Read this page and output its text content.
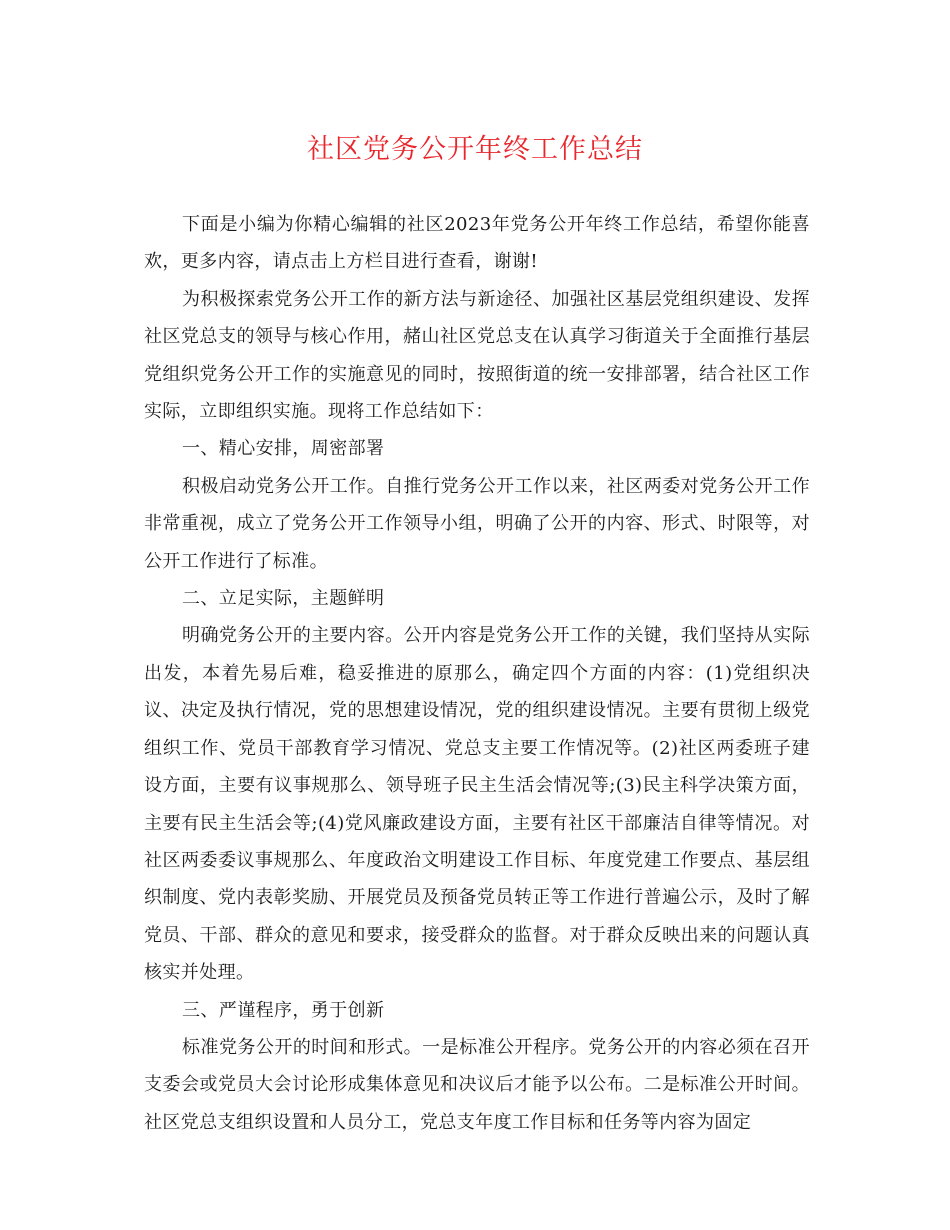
社区党务公开年终工作总结

下面是小编为你精心编辑的社区2023年党务公开年终工作总结，希望你能喜欢，更多内容，请点击上方栏目进行查看，谢谢!

为积极探索党务公开工作的新方法与新途径、加强社区基层党组织建设、发挥社区党总支的领导与核心作用，赭山社区党总支在认真学习街道关于全面推行基层党组织党务公开工作的实施意见的同时，按照街道的统一安排部署，结合社区工作实际，立即组织实施。现将工作总结如下：

一、精心安排，周密部署

积极启动党务公开工作。自推行党务公开工作以来，社区两委对党务公开工作非常重视，成立了党务公开工作领导小组，明确了公开的内容、形式、时限等，对公开工作进行了标准。

二、立足实际，主题鲜明

明确党务公开的主要内容。公开内容是党务公开工作的关键，我们坚持从实际出发，本着先易后难，稳妥推进的原那么，确定四个方面的内容：(1)党组织决议、决定及执行情况，党的思想建设情况，党的组织建设情况。主要有贯彻上级党组织工作、党员干部教育学习情况、党总支主要工作情况等。(2)社区两委班子建设方面，主要有议事规那么、领导班子民主生活会情况等;(3)民主科学决策方面，主要有民主生活会等;(4)党风廉政建设方面，主要有社区干部廉洁自律等情况。对社区两委委议事规那么、年度政治文明建设工作目标、年度党建工作要点、基层组织制度、党内表彰奖励、开展党员及预备党员转正等工作进行普遍公示，及时了解党员、干部、群众的意见和要求，接受群众的监督。对于群众反映出来的问题认真核实并处理。

三、严谨程序，勇于创新

标准党务公开的时间和形式。一是标准公开程序。党务公开的内容必须在召开支委会或党员大会讨论形成集体意见和决议后才能予以公布。二是标准公开时间。社区党总支组织设置和人员分工，党总支年度工作目标和任务等内容为固定
